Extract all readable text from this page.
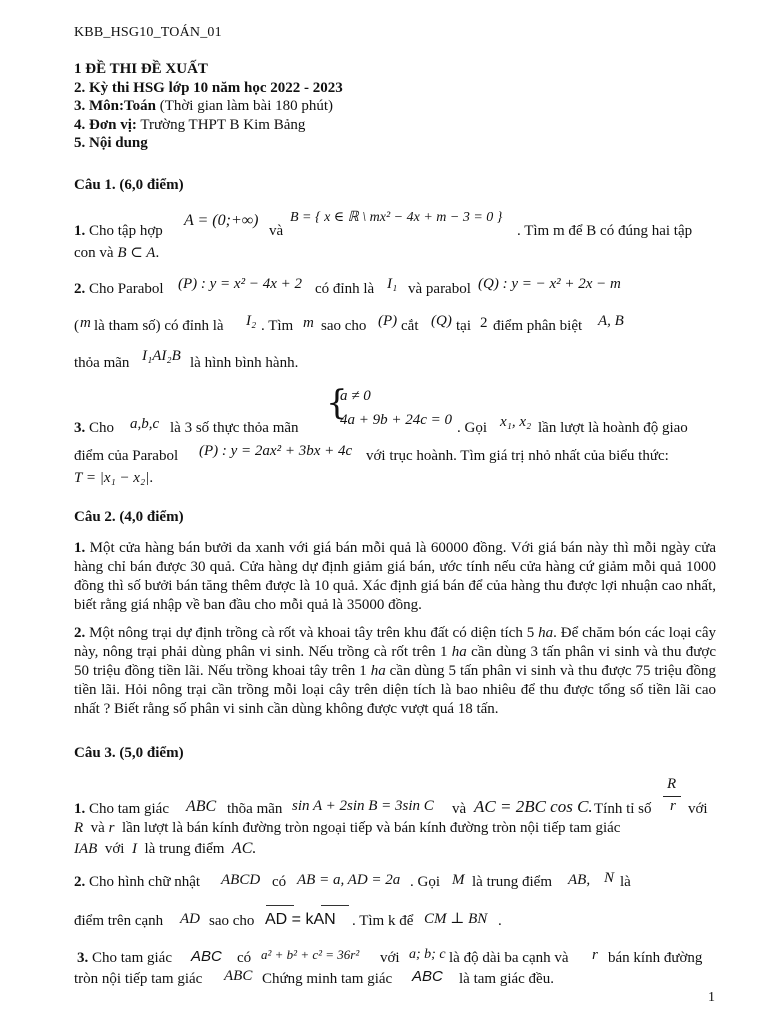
KBB_HSG10_TOÁN_01
1 ĐỀ THI ĐỀ XUẤT
2. Kỳ thi HSG lớp 10 năm học 2022 - 2023
3. Môn:Toán (Thời gian làm bài 180 phút)
4. Đơn vị: Trường THPT B Kim Bảng
5. Nội dung
Câu 1. (6,0 điểm)
1. Cho tập hợp
A = (0;+∞)
và
B = { x ∈ ℝ \ mx² − 4x + m − 3 = 0 }
. Tìm m để B có đúng hai tập
con và B ⊂ A.
2. Cho Parabol (P) : y = x² − 4x + 2 có đỉnh là I₁ và parabol (Q) : y = − x² + 2x − m
( m là tham số) có đỉnh là I₂ . Tìm m sao cho (P) cắt (Q) tại 2 điểm phân biệt A, B
thỏa mãn I₁AI₂B là hình bình hành.
{
a ≠ 0
4a + 9b + 24c = 0
3. Cho a,b,c là 3 số thực thỏa mãn	. Gọi x₁, x₂ lần lượt là hoành độ giao
điểm của Parabol (P) : y = 2ax² + 3bx + 4c với trục hoành. Tìm giá trị nhỏ nhất của biểu thức:
T = |x₁ − x₂|.
Câu 2. (4,0 điểm)
1. Một cửa hàng bán bưởi da xanh với giá bán mỗi quả là 60000 đồng. Với giá bán này thì mỗi ngày cửa hàng chỉ bán được 30 quả. Cửa hàng dự định giảm giá bán, ước tính nếu cửa hàng cứ giảm mỗi quả 1000 đồng thì số bưởi bán tăng thêm được là 10 quả. Xác định giá bán để của hàng thu được lợi nhuận cao nhất, biết rằng giá nhập về ban đầu cho mỗi quả là 35000 đồng.
2. Một nông trại dự định trồng cà rốt và khoai tây trên khu đất có diện tích 5 ha. Để chăm bón các loại cây này, nông trại phải dùng phân vi sinh. Nếu trồng cà rốt trên 1 ha cần dùng 3 tấn phân vi sinh và thu được 50 triệu đồng tiền lãi. Nếu trồng khoai tây trên 1 ha cần dùng 5 tấn phân vi sinh và thu được 75 triệu đồng tiền lãi. Hỏi nông trại cần trồng mỗi loại cây trên diện tích là bao nhiêu để thu được tổng số tiền lãi cao nhất ? Biết rằng số phân vi sinh cần dùng không được vượt quá 18 tấn.
Câu 3. (5,0 điểm)
1. Cho tam giác ABC thõa mãn sin A + 2sin B = 3sin C và AC = 2BC cos C. Tính tỉ số
R
r với
R và r lần lượt là bán kính đường tròn ngoại tiếp và bán kính đường tròn nội tiếp tam giác
IAB với I là trung điểm AC.
2. Cho hình chữ nhật ABCD có AB = a, AD = 2a . Gọi M là trung điểm AB, N là
điểm trên cạnh AD sao cho AD = kAN . Tìm k để CM ⊥ BN .
3. Cho tam giác ABC có a² + b² + c² = 36r² với a; b; c là độ dài ba cạnh và r bán kính đường
tròn nội tiếp tam giác ABC Chứng minh tam giác ABC là tam giác đều.
1
